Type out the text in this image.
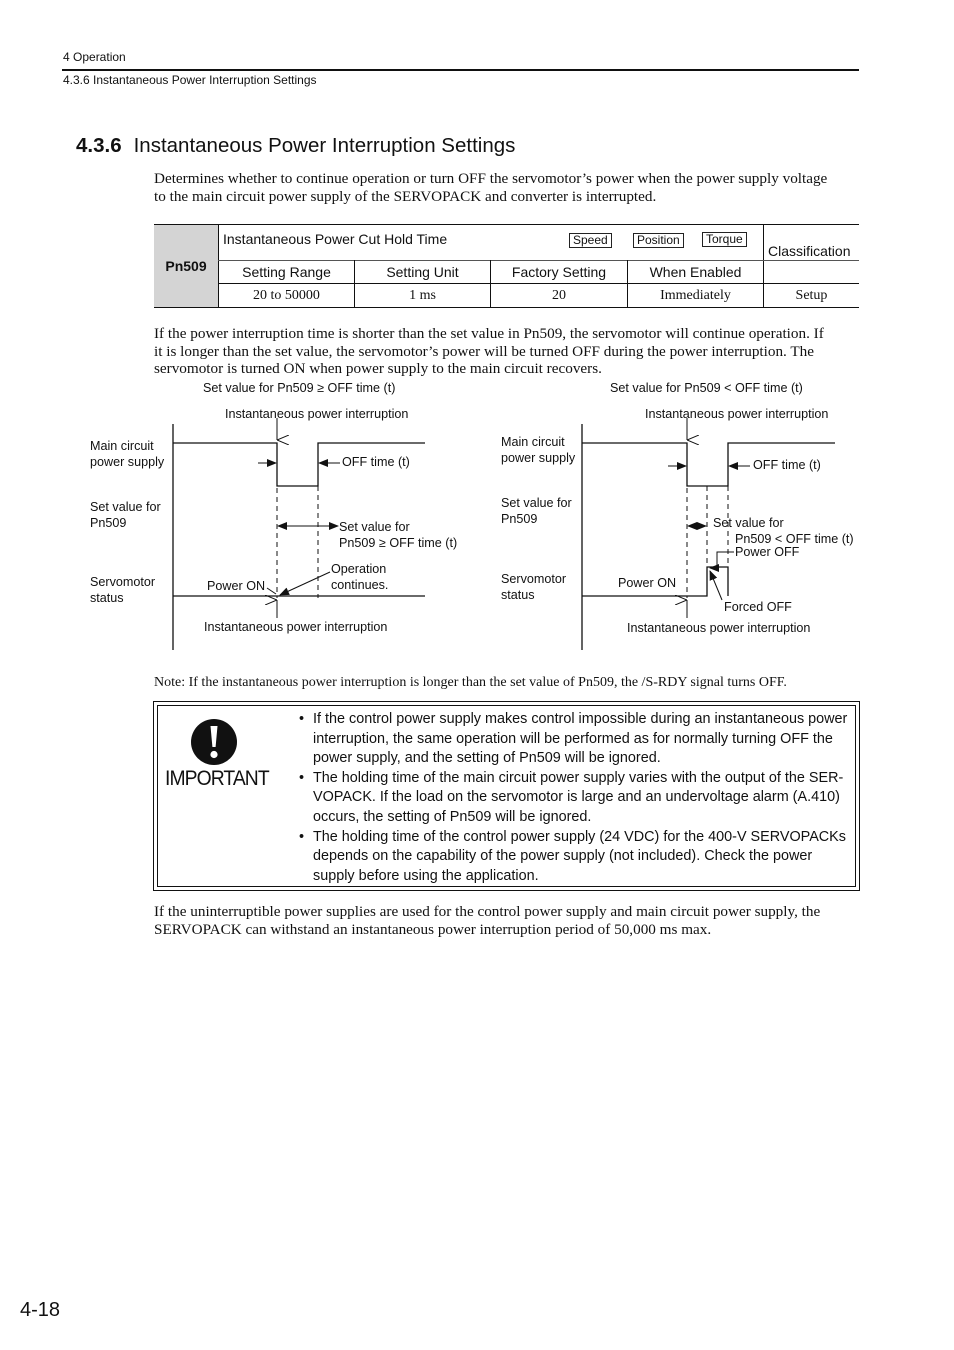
4 Operation
4.3.6 Instantaneous Power Interruption Settings
4.3.6 Instantaneous Power Interruption Settings
Determines whether to continue operation or turn OFF the servomotor’s power when the power supply voltage
to the main circuit power supply of the SERVOPACK and converter is interrupted.
Pn509
Instantaneous Power Cut Hold Time	Speed	Position	Torque
Classification
Setting Range	Setting Unit	Factory Setting	When Enabled
20 to 50000	1 ms	20	Immediately	Setup
If the power interruption time is shorter than the set value in Pn509, the servomotor will continue operation. If
it is longer than the set value, the servomotor’s power will be turned OFF during the power interruption. The
servomotor is turned ON when power supply to the main circuit recovers.
Set value for Pn509 ≥ OFF time (t)
Instantaneous power interruption
Main circuit
power supply
Set value for
Pn509
Servomotor
status
OFF time (t)
Set value for
Pn509 ≥ OFF time (t)
Power ON
Operation
continues.
Instantaneous power interruption
Set value for Pn509 < OFF time (t)
Instantaneous power interruption
Main circuit
power supply
Set value for
Pn509
Servomotor
status
OFF time (t)
Set value for
Pn509 < OFF time (t)
Power OFF
Power ON
Forced OFF
Instantaneous power interruption
Note: If the instantaneous power interruption is longer than the set value of Pn509, the /S-RDY signal turns OFF.
IMPORTANT
• If the control power supply makes control impossible during an instantaneous power interruption, the same operation will be performed as for normally turning OFF the power supply, and the setting of Pn509 will be ignored.
• The holding time of the main circuit power supply varies with the output of the SER-VOPACK. If the load on the servomotor is large and an undervoltage alarm (A.410) occurs, the setting of Pn509 will be ignored.
• The holding time of the control power supply (24 VDC) for the 400-V SERVOPACKs depends on the capability of the power supply (not included). Check the power supply before using the application.
If the uninterruptible power supplies are used for the control power supply and main circuit power supply, the
SERVOPACK can withstand an instantaneous power interruption period of 50,000 ms max.
4-18
